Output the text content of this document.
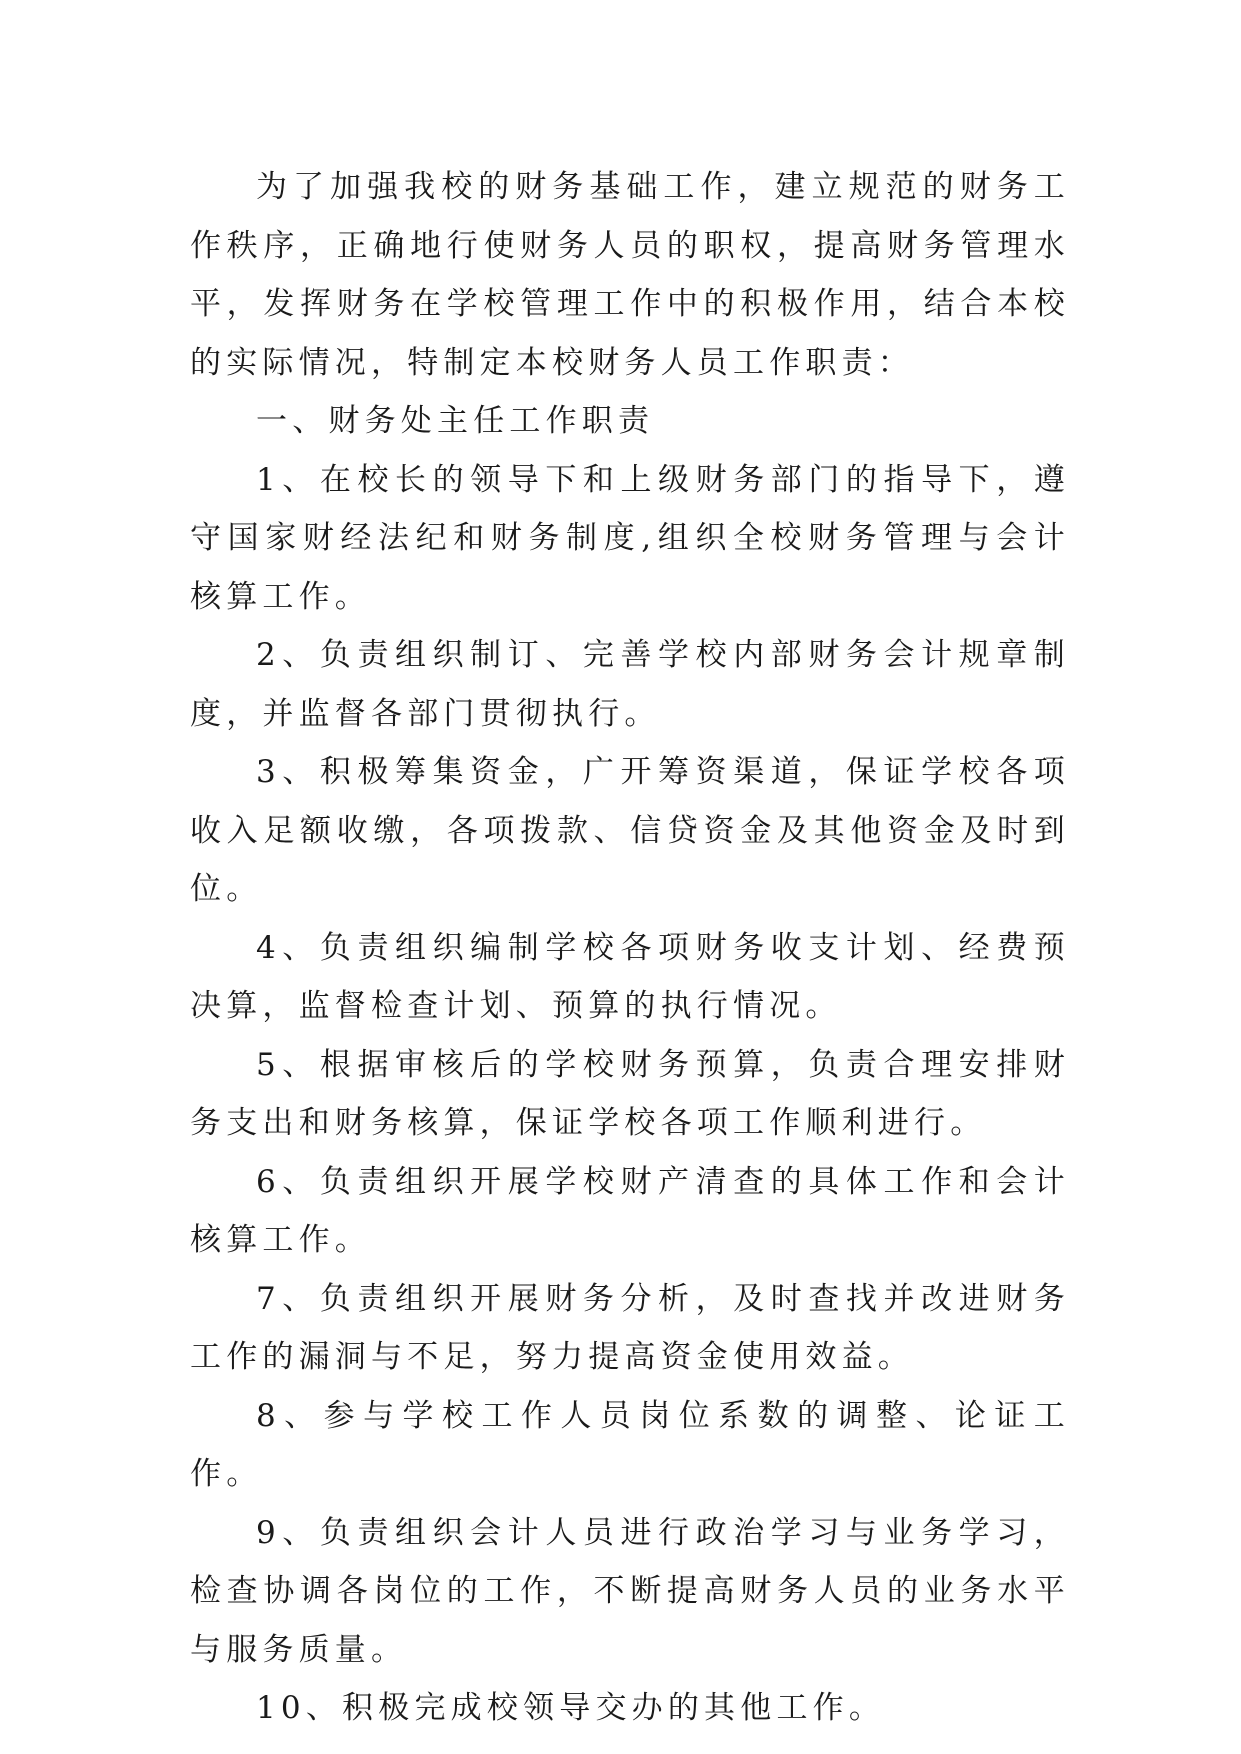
为了加强我校的财务基础工作，建立规范的财务工作秩序，正确地行使财务人员的职权，提高财务管理水平，发挥财务在学校管理工作中的积极作用，结合本校的实际情况，特制定本校财务人员工作职责：

一、财务处主任工作职责

1、在校长的领导下和上级财务部门的指导下，遵守国家财经法纪和财务制度,组织全校财务管理与会计核算工作。

2、负责组织制订、完善学校内部财务会计规章制度，并监督各部门贯彻执行。

3、积极筹集资金，广开筹资渠道，保证学校各项收入足额收缴，各项拨款、信贷资金及其他资金及时到位。

4、负责组织编制学校各项财务收支计划、经费预决算，监督检查计划、预算的执行情况。

5、根据审核后的学校财务预算，负责合理安排财务支出和财务核算，保证学校各项工作顺利进行。

6、负责组织开展学校财产清查的具体工作和会计核算工作。

7、负责组织开展财务分析，及时查找并改进财务工作的漏洞与不足，努力提高资金使用效益。

8、参与学校工作人员岗位系数的调整、论证工作。

9、负责组织会计人员进行政治学习与业务学习，检查协调各岗位的工作，不断提高财务人员的业务水平与服务质量。

10、积极完成校领导交办的其他工作。
